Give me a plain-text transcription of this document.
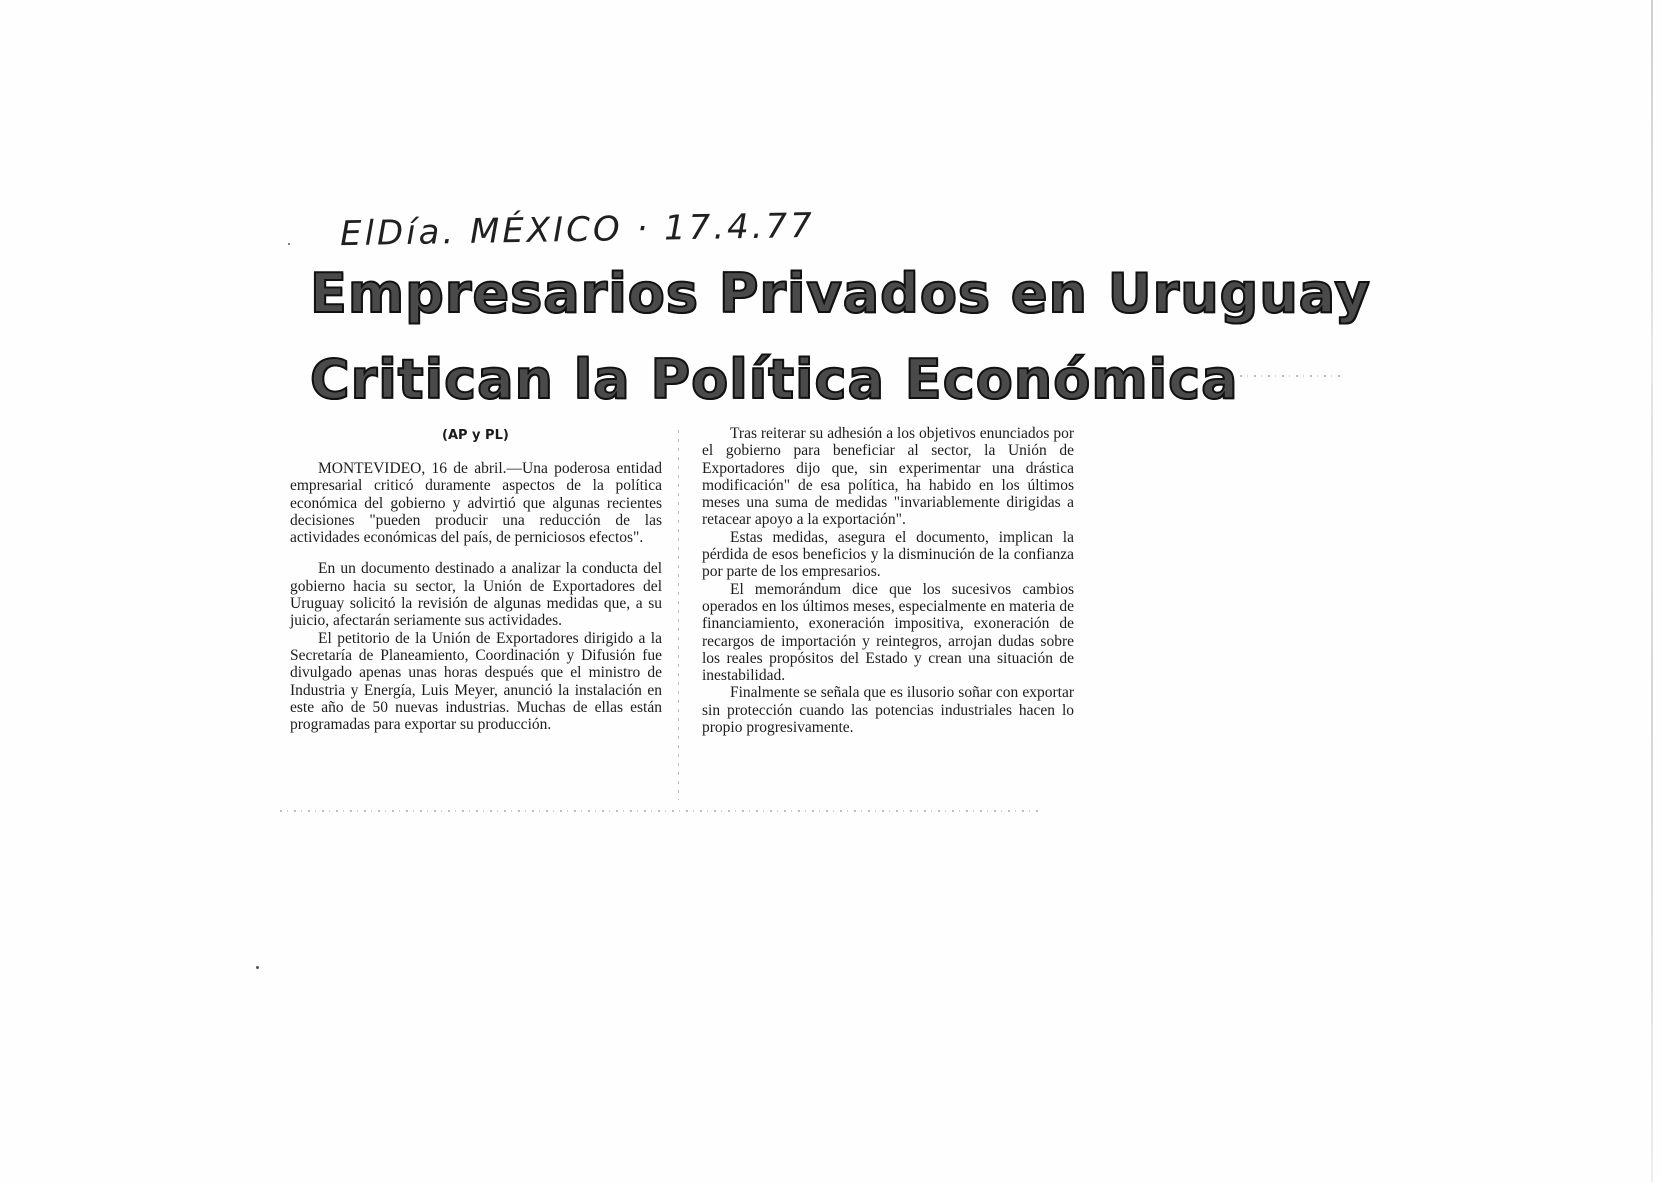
ElDía. MÉXICO · 17.4.77
Empresarios Privados en Uruguay
Critican la Política Económica
(AP y PL)

MONTEVIDEO, 16 de abril.—Una poderosa entidad empresarial criticó duramente aspectos de la política económica del gobierno y advirtió que algunas recientes decisiones "pueden producir una reducción de las actividades económicas del país, de perniciosos efectos".

En un documento destinado a analizar la conducta del gobierno hacia su sector, la Unión de Exportadores del Uruguay solicitó la revisión de algunas medidas que, a su juicio, afectarán seriamente sus actividades.

El petitorio de la Unión de Exportadores dirigido a la Secretaría de Planeamiento, Coordinación y Difusión fue divulgado apenas unas horas después que el ministro de Industria y Energía, Luis Meyer, anunció la instalación en este año de 50 nuevas industrias. Muchas de ellas están programadas para exportar su producción.

Tras reiterar su adhesión a los objetivos enunciados por el gobierno para beneficiar al sector, la Unión de Exportadores dijo que, sin experimentar una drástica modificación" de esa política, ha habido en los últimos meses una suma de medidas "invariablemente dirigidas a retacear apoyo a la exportación".

Estas medidas, asegura el documento, implican la pérdida de esos beneficios y la disminución de la confianza por parte de los empresarios.

El memorándum dice que los sucesivos cambios operados en los últimos meses, especialmente en materia de financiamiento, exoneración impositiva, exoneración de recargos de importación y reintegros, arrojan dudas sobre los reales propósitos del Estado y crean una situación de inestabilidad.

Finalmente se señala que es ilusorio soñar con exportar sin protección cuando las potencias industriales hacen lo propio progresivamente.
